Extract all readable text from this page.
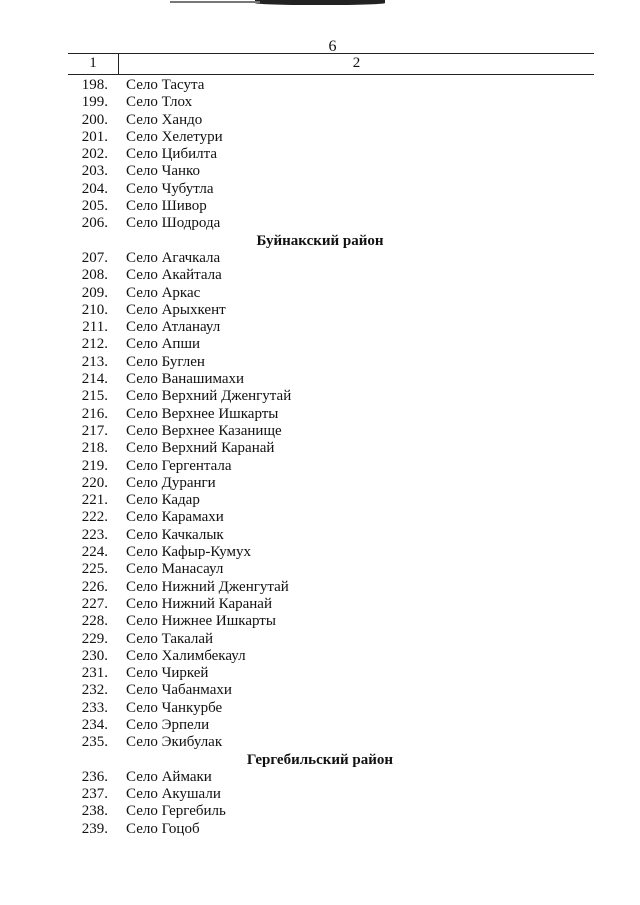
6
1	2
198. Село Тасута
199. Село Тлох
200. Село Хандо
201. Село Хелетури
202. Село Цибилта
203. Село Чанко
204. Село Чубутла
205. Село Шивор
206. Село Шодрода
Буйнакский район
207. Село Агачкала
208. Село Акайтала
209. Село Аркас
210. Село Арыхкент
211. Село Атланаул
212. Село Апши
213. Село Буглен
214. Село Ванашимахи
215. Село Верхний Дженгутай
216. Село Верхнее Ишкарты
217. Село Верхнее Казанище
218. Село Верхний Каранай
219. Село Гергентала
220. Село Дуранги
221. Село Кадар
222. Село Карамахи
223. Село Качкалык
224. Село Кафыр-Кумух
225. Село Манасаул
226. Село Нижний Дженгутай
227. Село Нижний Каранай
228. Село Нижнее Ишкарты
229. Село Такалай
230. Село Халимбекаул
231. Село Чиркей
232. Село Чабанмахи
233. Село Чанкурбе
234. Село Эрпели
235. Село Экибулак
Гергебильский район
236. Село Аймаки
237. Село Акушали
238. Село Гергебиль
239. Село Гоцоб
